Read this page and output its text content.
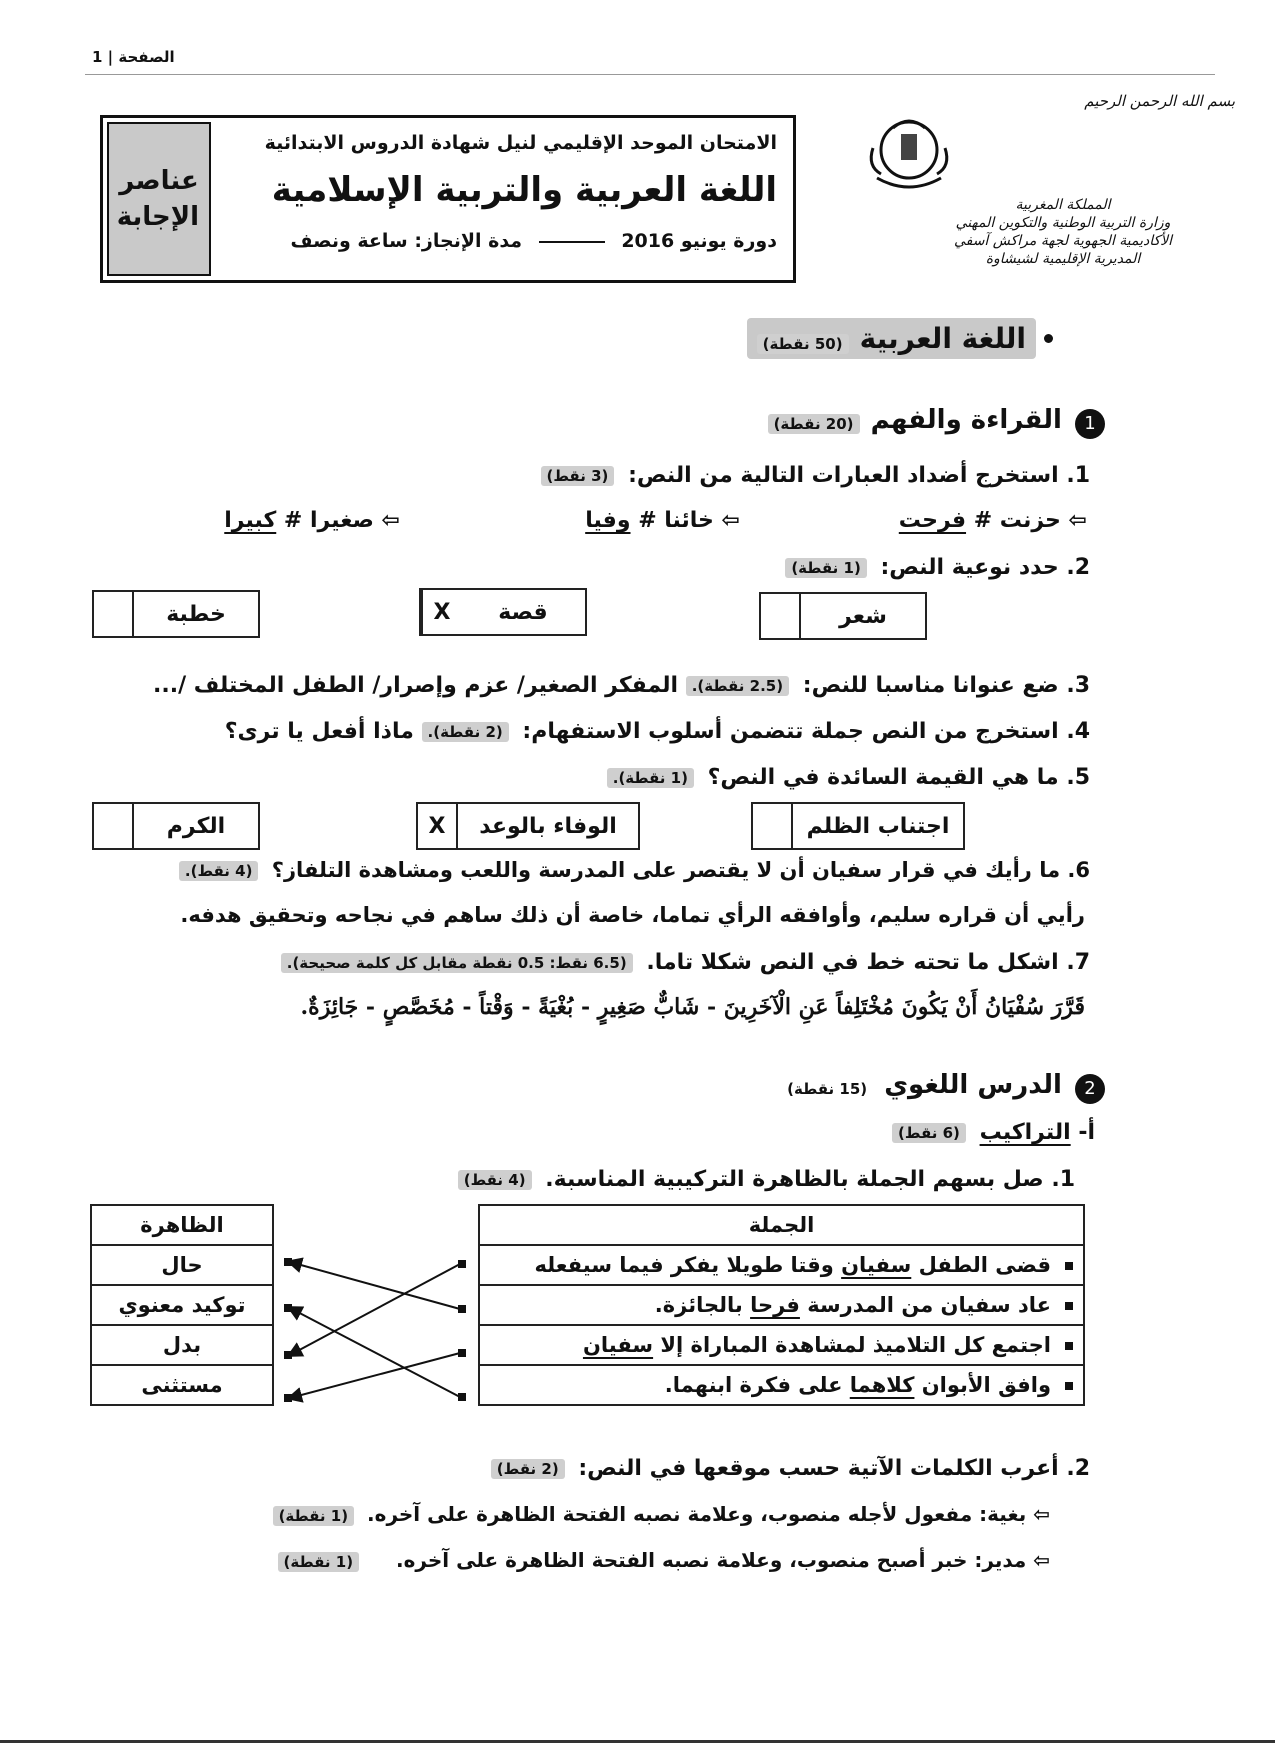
الصفحة | 1
بسم الله الرحمن الرحيم
المملكة المغربية
وزارة التربية الوطنية والتكوين المهني
الأكاديمية الجهوية لجهة مراكش آسفي
المديرية الإقليمية لشيشاوة
عناصر الإجابة
الامتحان الموحد الإقليمي لنيل شهادة الدروس الابتدائية
اللغة العربية والتربية الإسلامية
دورة يونيو 2016  مدة الإنجاز: ساعة ونصف
اللغة العربية (50 نقطة)
1 القراءة والفهم (20 نقطة)
1. استخرج أضداد العبارات التالية من النص: (3 نقط)
⇦ حزنت # فرحت
⇦ خائنا # وفيا
⇦ صغيرا # كبيرا
2. حدد نوعية النص: (1 نقطة)
شعر
قصة
X
خطبة
3. ضع عنوانا مناسبا للنص: (2.5 نقطة). المفكر الصغير/ عزم وإصرار/ الطفل المختلف /...
4. استخرج من النص جملة تتضمن أسلوب الاستفهام: (2 نقطة). ماذا أفعل يا ترى؟
5. ما هي القيمة السائدة في النص؟ (1 نقطة).
اجتناب الظلم
الوفاء بالوعد
X
الكرم
6. ما رأيك في قرار سفيان أن لا يقتصر على المدرسة واللعب ومشاهدة التلفاز؟ (4 نقط).
رأيي أن قراره سليم، وأوافقه الرأي تماما، خاصة أن ذلك ساهم في نجاحه وتحقيق هدفه.
7. اشكل ما تحته خط في النص شكلا تاما. (6.5 نقط: 0.5 نقطة مقابل كل كلمة صحيحة).
قَرَّرَ سُفْيَانُ أَنْ يَكُونَ مُخْتَلِفاً عَنِ الْآخَرِينَ - شَابٌّ صَغِيرٍ - بُغْيَةً - وَقْتاً - مُخَصَّصٍ - جَائِزَةٌ.
2 الدرس اللغوي (15 نقطة)
أ- التراكيب (6 نقط)
1. صل بسهم الجملة بالظاهرة التركيبية المناسبة. (4 نقط)
الجملة
قضى الطفل سفيان وقتا طويلا يفكر فيما سيفعله
عاد سفيان من المدرسة فرحا بالجائزة.
اجتمع كل التلاميذ لمشاهدة المباراة إلا سفيان
وافق الأبوان كلاهما على فكرة ابنهما.
الظاهرة
حال
توكيد معنوي
بدل
مستثنى
2. أعرب الكلمات الآتية حسب موقعها في النص: (2 نقط)
⇦ بغية: مفعول لأجله منصوب، وعلامة نصبه الفتحة الظاهرة على آخره. (1 نقطة)
⇦ مدير: خبر أصبح منصوب، وعلامة نصبه الفتحة الظاهرة على آخره. (1 نقطة)
